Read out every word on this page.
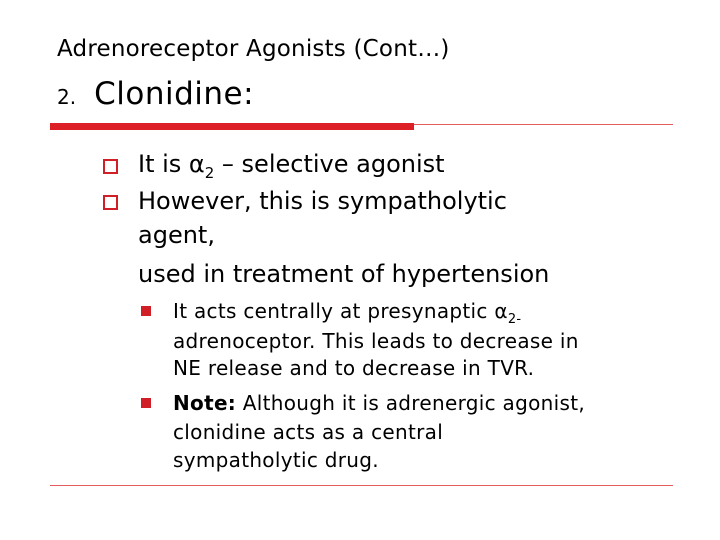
Adrenoreceptor Agonists (Cont…)
2. Clonidine:
It is $\alpha_2$ – selective agonist
However, this is sympatholytic
agent,
used in treatment of hypertension
It acts centrally at presynaptic $\alpha_{2-}$
adrenoceptor. This leads to decrease in
NE release and to decrease in TVR.
Note: Although it is adrenergic agonist,
clonidine acts as a central
sympatholytic drug.
